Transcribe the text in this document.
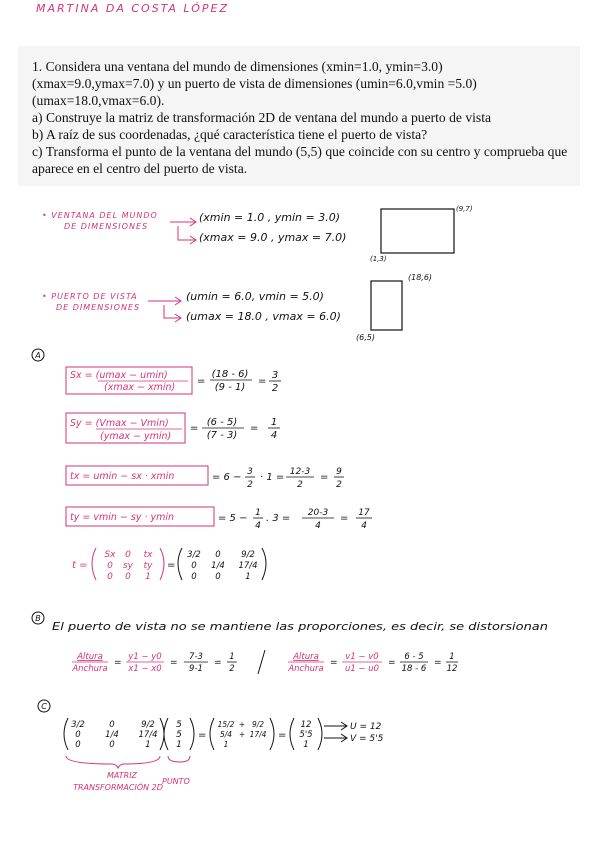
MARTINA DA COSTA LÓPEZ

1. Considera una ventana del mundo de dimensiones (xmin=1.0, ymin=3.0) (xmax=9.0,ymax=7.0) y un puerto de vista de dimensiones (umin=6.0,vmin =5.0) (umax=18.0,vmax=6.0).

a) Construye la matriz de transformación 2D de ventana del mundo a puerto de vista

b) A raíz de sus coordenadas, ¿qué característica tiene el puerto de vista?

c) Transforma el punto de la ventana del mundo (5,5) que coincide con su centro y comprueba que aparece en el centro del puerto de vista.

• VENTANA DEL MUNDO
DE DIMENSIONES
(xmin = 1.0 , ymin = 3.0)
(xmax = 9.0 , ymax = 7.0)
(9,7)
(1,3)
• PUERTO DE VISTA
DE DIMENSIONES
(umin = 6.0, vmin = 5.0)
(umax = 18.0 , vmax = 6.0)
(18,6)
(6,5)
A
Sx = (umax − umin)
(xmax − xmin)
=
(18 - 6)
(9 - 1)
=
3
2
Sy = (Vmax − Vmin)
(ymax − ymin)
=
(6 - 5)
(7 - 3)
=
1
4
tx = umin − sx · xmin	= 6 − 3
2
· 1 = 12-3
2
= 9
2
ty = vmin − sy · ymin	= 5 − 1
4
. 3 = 20-3
4
= 17
4
t =
Sx 0 tx
0 sy ty
0 0 1
=
3/2 0 9/2
0 1/4 17/4
0 0	1
B
El puerto de vista no se mantiene las proporciones, es decir, se distorsionan
Altura
Anchura
=
y1 − y0
x1 − x0
=
7-3
9-1
=
1
2
Altura
Anchura
=
v1 − v0
u1 − u0
=
6 - 5
18 - 6
=
1
12
C
3/2	0	9/2
0	1/4 17/4
0	0	1
5
5
1
=
15/2 + 9/2
5/4 + 17/4
1
=
12
5'5
1
U = 12
V = 5'5
MATRIZ
TRANSFORMACIÓN 2D
PUNTO
